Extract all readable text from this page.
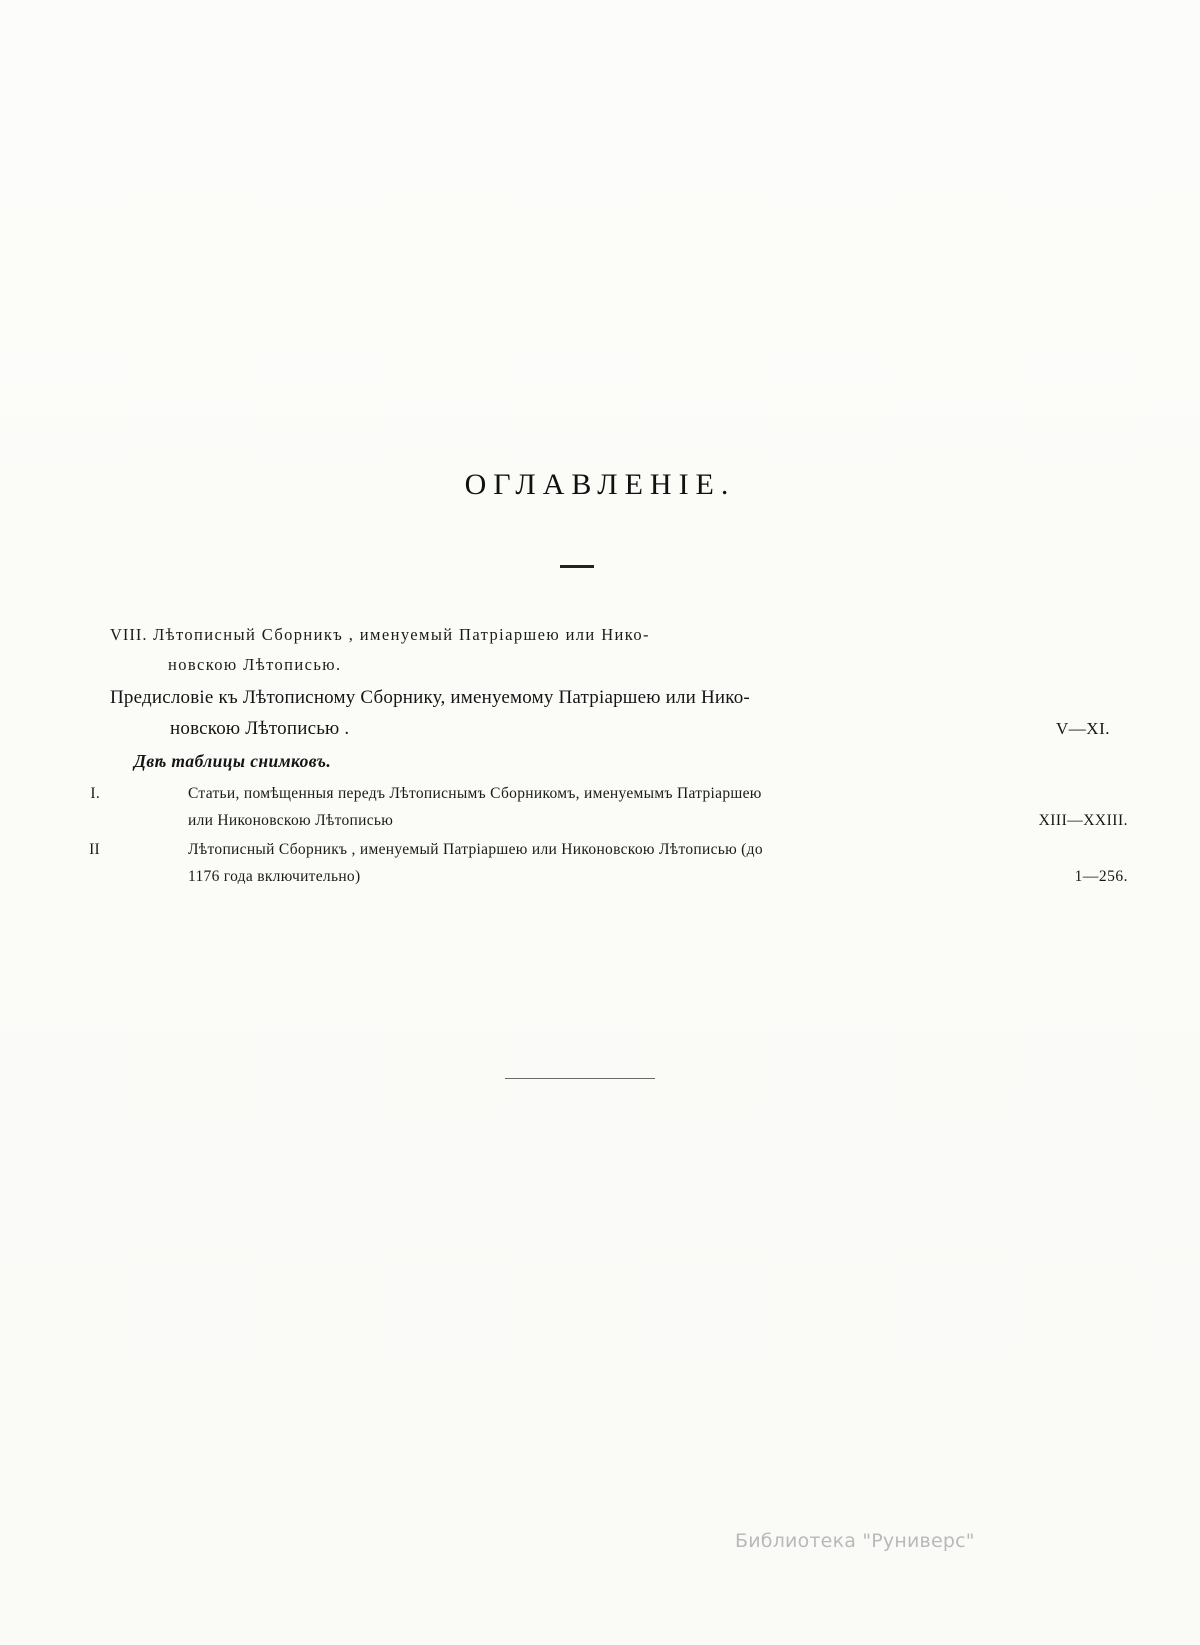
ОГЛАВЛЕНІЕ.
VIII. Лѣтописный Сборникъ , именуемый Патріаршею или Нико-
новскою Лѣтописью.
Предисловіе къ Лѣтописному Сборнику, именуемому Патріаршею или Нико-
новскою Лѣтописью .	V—XI.
Двѣ таблицы снимковъ.
I.	Статьи, помѣщенныя передъ Лѣтописнымъ Сборникомъ, именуемымъ Патріаршею
или Никоновскою Лѣтописью	XIII—XXIII.
II	Лѣтописный Сборникъ , именуемый Патріаршею или Никоновскою Лѣтописью (до
1176 года включительно)	1—256.
Библиотека "Руниверс"
